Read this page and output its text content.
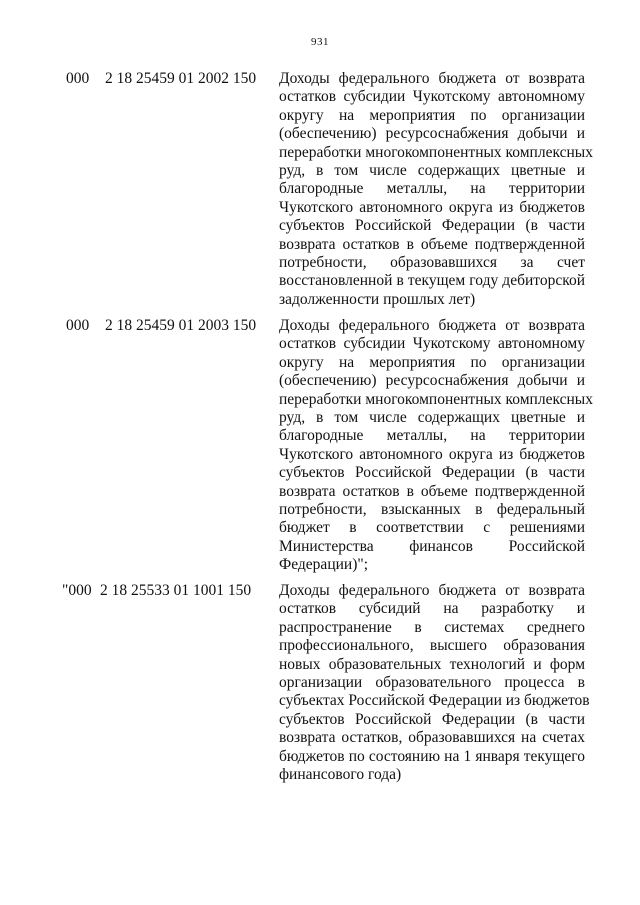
931
000 2 18 25459 01 2002 150 Доходы федерального бюджета от возврата
остатков субсидии Чукотскому автономному
округу на мероприятия по организации
(обеспечению) ресурсоснабжения добычи и
переработки многокомпонентных комплексных
руд, в том числе содержащих цветные и
благородные металлы, на территории
Чукотского автономного округа из бюджетов
субъектов Российской Федерации (в части
возврата остатков в объеме подтвержденной
потребности, образовавшихся за счет
восстановленной в текущем году дебиторской
задолженности прошлых лет)
000 2 18 25459 01 2003 150 Доходы федерального бюджета от возврата
остатков субсидии Чукотскому автономному
округу на мероприятия по организации
(обеспечению) ресурсоснабжения добычи и
переработки многокомпонентных комплексных
руд, в том числе содержащих цветные и
благородные металлы, на территории
Чукотского автономного округа из бюджетов
субъектов Российской Федерации (в части
возврата остатков в объеме подтвержденной
потребности, взысканных в федеральный
бюджет в соответствии с решениями
Министерства финансов Российской
Федерации)";
"000 2 18 25533 01 1001 150 Доходы федерального бюджета от возврата
остатков субсидий на разработку и
распространение в системах среднего
профессионального, высшего образования
новых образовательных технологий и форм
организации образовательного процесса в
субъектах Российской Федерации из бюджетов
субъектов Российской Федерации (в части
возврата остатков, образовавшихся на счетах
бюджетов по состоянию на 1 января текущего
финансового года)
